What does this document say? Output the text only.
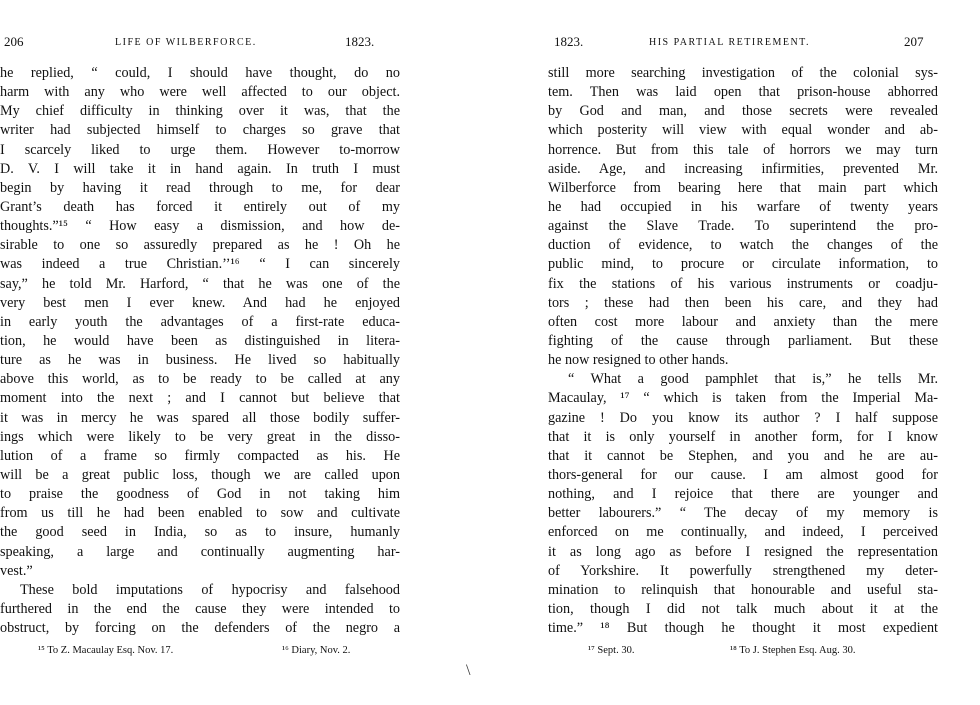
206	LIFE OF WILBERFORCE.	1823.
he replied, “ could, I should have thought, do no
harm with any who were well affected to our object.
My chief difficulty in thinking over it was, that the
writer had subjected himself to charges so grave that
I scarcely liked to urge them. However to-morrow
D. V. I will take it in hand again. In truth I must
begin by having it read through to me, for dear
Grant’s death has forced it entirely out of my
thoughts.”¹⁵ “ How easy a dismission, and how de-
sirable to one so assuredly prepared as he ! Oh he
was indeed a true Christian.’’¹⁶ “ I can sincerely
say,” he told Mr. Harford, “ that he was one of the
very best men I ever knew. And had he enjoyed
in early youth the advantages of a first-rate educa-
tion, he would have been as distinguished in litera-
ture as he was in business. He lived so habitually
above this world, as to be ready to be called at any
moment into the next ; and I cannot but believe that
it was in mercy he was spared all those bodily suffer-
ings which were likely to be very great in the disso-
lution of a frame so firmly compacted as his. He
will be a great public loss, though we are called upon
to praise the goodness of God in not taking him
from us till he had been enabled to sow and cultivate
the good seed in India, so as to insure, humanly
speaking, a large and continually augmenting har-
vest.”
These bold imputations of hypocrisy and falsehood
furthered in the end the cause they were intended to
obstruct, by forcing on the defenders of the negro a
¹⁵ To Z. Macaulay Esq. Nov. 17.	¹⁶ Diary, Nov. 2.
1823.	HIS PARTIAL RETIREMENT.	207
still more searching investigation of the colonial sys-
tem. Then was laid open that prison-house abhorred
by God and man, and those secrets were revealed
which posterity will view with equal wonder and ab-
horrence. But from this tale of horrors we may turn
aside. Age, and increasing infirmities, prevented Mr.
Wilberforce from bearing here that main part which
he had occupied in his warfare of twenty years
against the Slave Trade. To superintend the pro-
duction of evidence, to watch the changes of the
public mind, to procure or circulate information, to
fix the stations of his various instruments or coadju-
tors ; these had then been his care, and they had
often cost more labour and anxiety than the mere
fighting of the cause through parliament. But these
he now resigned to other hands.
“ What a good pamphlet that is,” he tells Mr.
Macaulay, ¹⁷ “ which is taken from the Imperial Ma-
gazine ! Do you know its author ? I half suppose
that it is only yourself in another form, for I know
that it cannot be Stephen, and you and he are au-
thors-general for our cause. I am almost good for
nothing, and I rejoice that there are younger and
better labourers.” “ The decay of my memory is
enforced on me continually, and indeed, I perceived
it as long ago as before I resigned the representation
of Yorkshire. It powerfully strengthened my deter-
mination to relinquish that honourable and useful sta-
tion, though I did not talk much about it at the
time.” ¹⁸ But though he thought it most expedient
¹⁷ Sept. 30.	¹⁸ To J. Stephen Esq. Aug. 30.
\
